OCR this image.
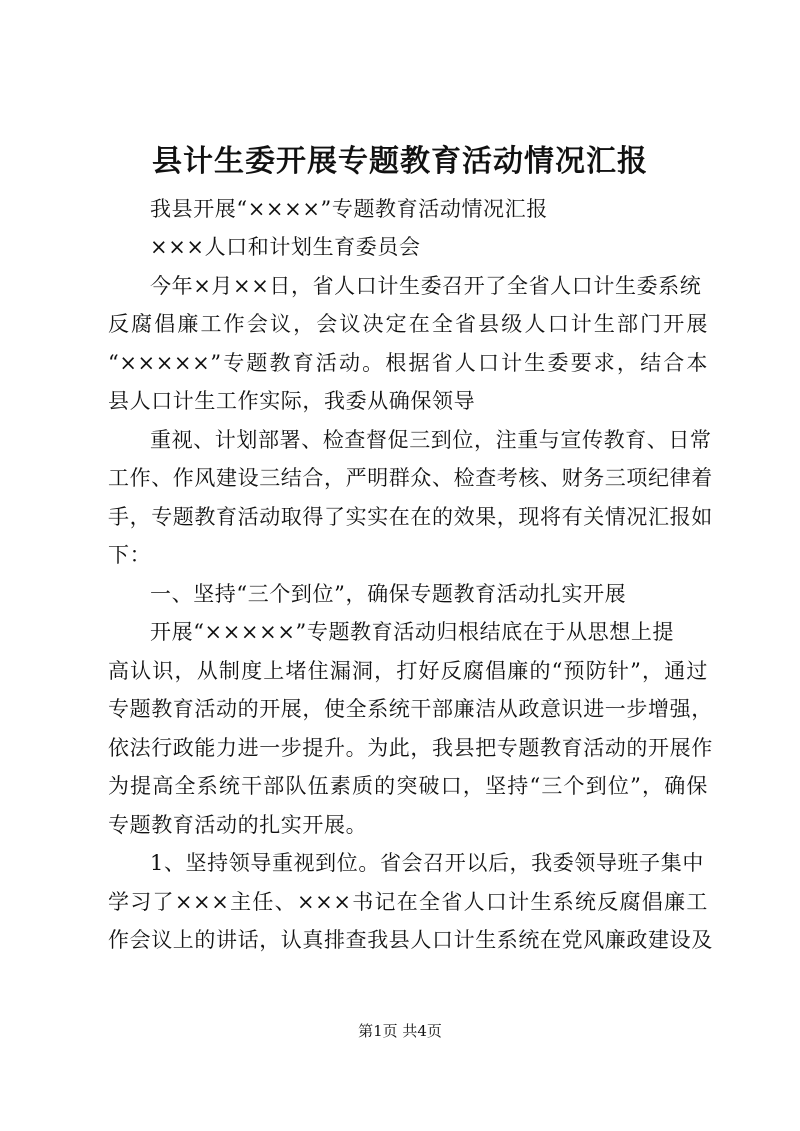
县计生委开展专题教育活动情况汇报

我县开展“××××”专题教育活动情况汇报

×××人口和计划生育委员会

今年×月××日，省人口计生委召开了全省人口计生委系统

反腐倡廉工作会议，会议决定在全省县级人口计生部门开展

“×××××”专题教育活动。根据省人口计生委要求，结合本

县人口计生工作实际，我委从确保领导

重视、计划部署、检查督促三到位，注重与宣传教育、日常

工作、作风建设三结合，严明群众、检查考核、财务三项纪律着

手，专题教育活动取得了实实在在的效果，现将有关情况汇报如

下：

一、坚持“三个到位”，确保专题教育活动扎实开展

开展“×××××”专题教育活动归根结底在于从思想上提

高认识，从制度上堵住漏洞，打好反腐倡廉的“预防针”，通过

专题教育活动的开展，使全系统干部廉洁从政意识进一步增强，

依法行政能力进一步提升。为此，我县把专题教育活动的开展作

为提高全系统干部队伍素质的突破口，坚持“三个到位”，确保

专题教育活动的扎实开展。

1、坚持领导重视到位。省会召开以后，我委领导班子集中

学习了×××主任、×××书记在全省人口计生系统反腐倡廉工

作会议上的讲话，认真排查我县人口计生系统在党风廉政建设及

第1页 共4页
